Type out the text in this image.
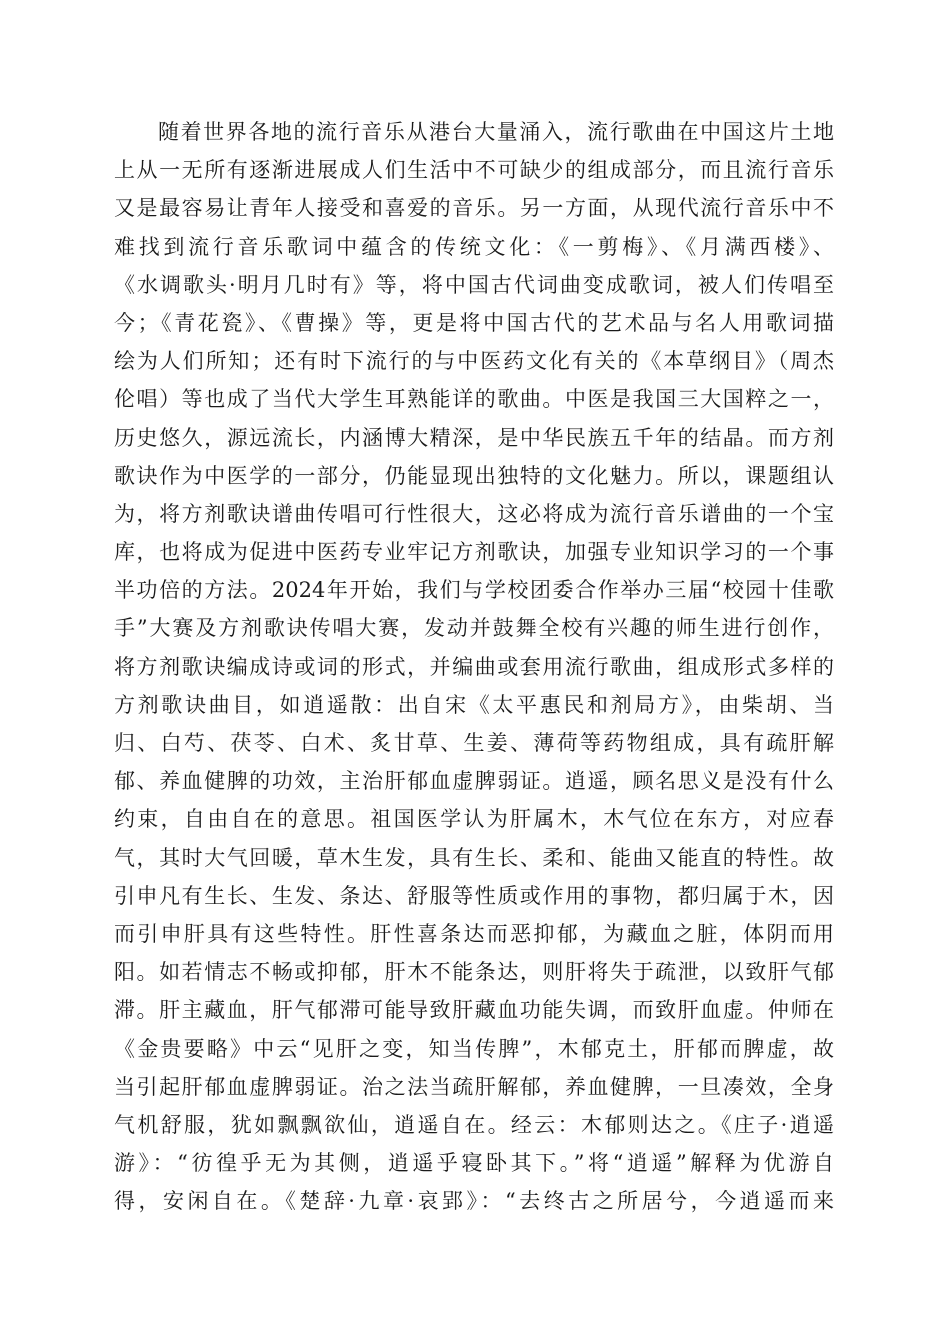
随着世界各地的流行音乐从港台大量涌入，流行歌曲在中国这片土地
上从一无所有逐渐进展成人们生活中不可缺少的组成部分，而且流行音乐
又是最容易让青年人接受和喜爱的音乐。另一方面，从现代流行音乐中不
难找到流行音乐歌词中蕴含的传统文化：《一剪梅》、《月满西楼》、
《水调歌头·明月几时有》等，将中国古代词曲变成歌词，被人们传唱至
今；《青花瓷》、《曹操》等，更是将中国古代的艺术品与名人用歌词描
绘为人们所知；还有时下流行的与中医药文化有关的《本草纲目》（周杰
伦唱）等也成了当代大学生耳熟能详的歌曲。中医是我国三大国粹之一，
历史悠久，源远流长，内涵博大精深，是中华民族五千年的结晶。而方剂
歌诀作为中医学的一部分，仍能显现出独特的文化魅力。所以，课题组认
为，将方剂歌诀谱曲传唱可行性很大，这必将成为流行音乐谱曲的一个宝
库，也将成为促进中医药专业牢记方剂歌诀，加强专业知识学习的一个事
半功倍的方法。2024年开始，我们与学校团委合作举办三届“校园十佳歌
手”大赛及方剂歌诀传唱大赛，发动并鼓舞全校有兴趣的师生进行创作，
将方剂歌诀编成诗或词的形式，并编曲或套用流行歌曲，组成形式多样的
方剂歌诀曲目，如逍遥散：出自宋《太平惠民和剂局方》，由柴胡、当
归、白芍、茯苓、白术、炙甘草、生姜、薄荷等药物组成，具有疏肝解
郁、养血健脾的功效，主治肝郁血虚脾弱证。逍遥，顾名思义是没有什么
约束，自由自在的意思。祖国医学认为肝属木，木气位在东方，对应春
气，其时大气回暖，草木生发，具有生长、柔和、能曲又能直的特性。故
引申凡有生长、生发、条达、舒服等性质或作用的事物，都归属于木，因
而引申肝具有这些特性。肝性喜条达而恶抑郁，为藏血之脏，体阴而用
阳。如若情志不畅或抑郁，肝木不能条达，则肝将失于疏泄，以致肝气郁
滞。肝主藏血，肝气郁滞可能导致肝藏血功能失调，而致肝血虚。仲师在
《金贵要略》中云“见肝之变，知当传脾”，木郁克土，肝郁而脾虚，故
当引起肝郁血虚脾弱证。治之法当疏肝解郁，养血健脾，一旦凑效，全身
气机舒服，犹如飘飘欲仙，逍遥自在。经云：木郁则达之。《庄子·逍遥
游》：“彷徨乎无为其侧，逍遥乎寝卧其下。”将“逍遥”解释为优游自
得，安闲自在。《楚辞·九章·哀郢》：“去终古之所居兮，今逍遥而来
